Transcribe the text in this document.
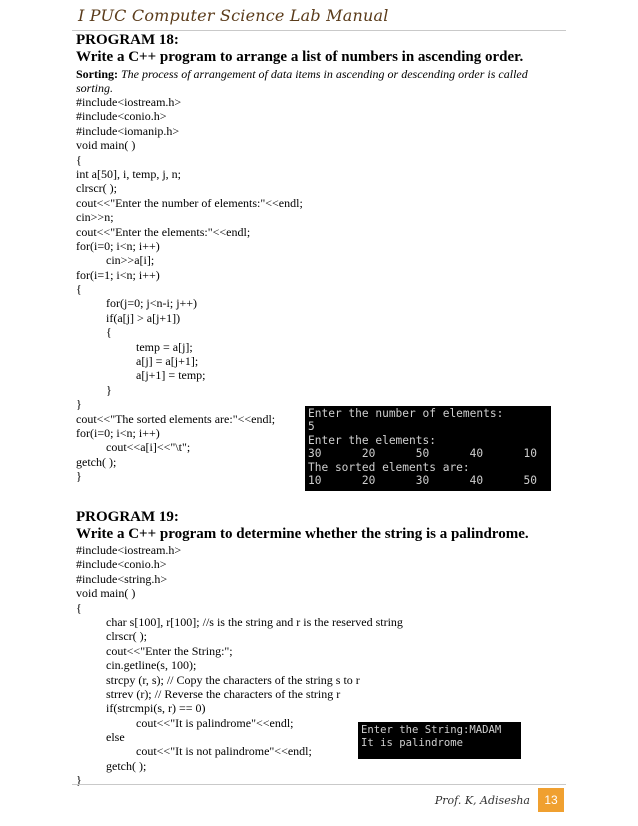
I PUC Computer Science Lab Manual
PROGRAM 18:
Write a C++ program to arrange a list of numbers in ascending order.
Sorting: The process of arrangement of data items in ascending or descending order is called sorting.
#include<iostream.h>
#include<conio.h>
#include<iomanip.h>
void main( )
{
int a[50], i, temp, j, n;
clrscr( );
cout<<"Enter the number of elements:"<<endl;
cin>>n;
cout<<"Enter the elements:"<<endl;
for(i=0; i<n; i++)
cin>>a[i];
for(i=1; i<n; i++)
{
for(j=0; j<n-i; j++)
if(a[j] > a[j+1])
{
temp = a[j];
a[j] = a[j+1];
a[j+1] = temp;
}
}
cout<<"The sorted elements are:"<<endl;
for(i=0; i<n; i++)
cout<<a[i]<<"\t";
getch( );
}
Enter the number of elements:
5
Enter the elements:
30      20      50      40      10
The sorted elements are:
10      20      30      40      50
PROGRAM 19:
Write a C++ program to determine whether the string is a palindrome.
#include<iostream.h>
#include<conio.h>
#include<string.h>
void main( )
{
char s[100], r[100]; //s is the string and r is the reserved string
clrscr( );
cout<<"Enter the String:";
cin.getline(s, 100);
strcpy (r, s); // Copy the characters of the string s to r
strrev (r); // Reverse the characters of the string r
if(strcmpi(s, r) == 0)
cout<<"It is palindrome"<<endl;
else
cout<<"It is not palindrome"<<endl;
getch( );
}
Enter the String:MADAM
It is palindrome
Prof. K, Adisesha	13
